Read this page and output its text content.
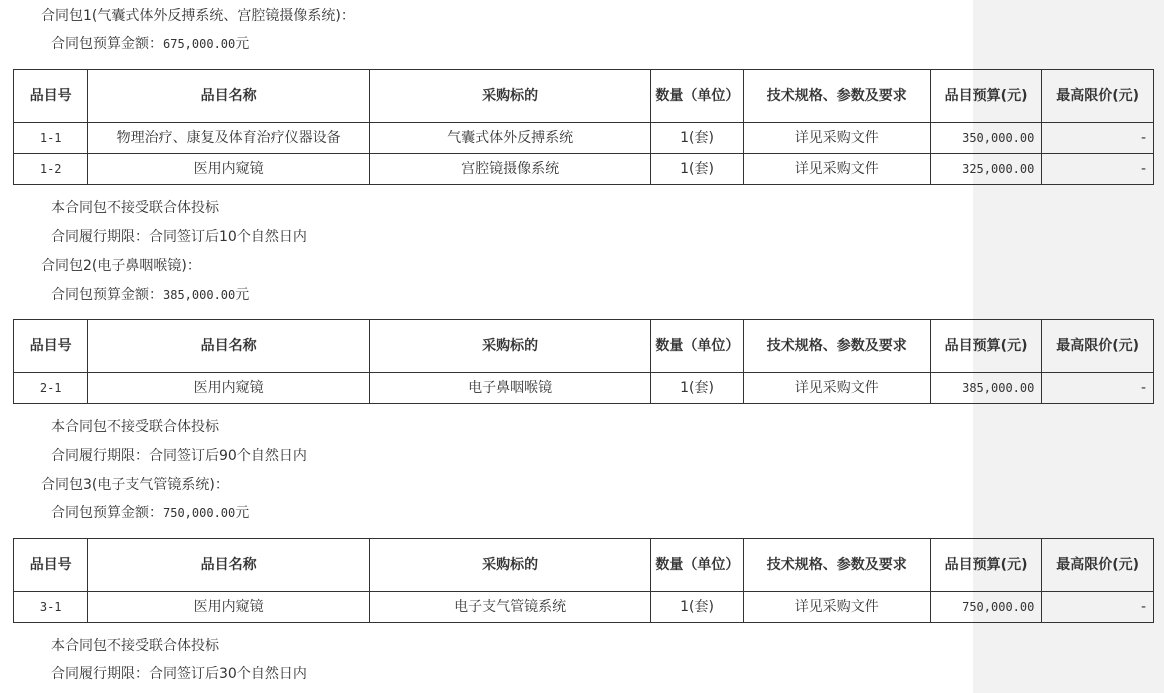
合同包1(气囊式体外反搏系统、宫腔镜摄像系统)：
合同包预算金额：675,000.00元
品目号	品目名称	采购标的	数量（单位）	技术规格、参数及要求	品目预算(元)	最高限价(元)
1-1	物理治疗、康复及体育治疗仪器设备	气囊式体外反搏系统	1(套)	详见采购文件	350,000.00	-
1-2	医用内窥镜	宫腔镜摄像系统	1(套)	详见采购文件	325,000.00	-
本合同包不接受联合体投标
合同履行期限：合同签订后10个自然日内
合同包2(电子鼻咽喉镜)：
合同包预算金额：385,000.00元
品目号	品目名称	采购标的	数量（单位）	技术规格、参数及要求	品目预算(元)	最高限价(元)
2-1	医用内窥镜	电子鼻咽喉镜	1(套)	详见采购文件	385,000.00	-
本合同包不接受联合体投标
合同履行期限：合同签订后90个自然日内
合同包3(电子支气管镜系统)：
合同包预算金额：750,000.00元
品目号	品目名称	采购标的	数量（单位）	技术规格、参数及要求	品目预算(元)	最高限价(元)
3-1	医用内窥镜	电子支气管镜系统	1(套)	详见采购文件	750,000.00	-
本合同包不接受联合体投标
合同履行期限：合同签订后30个自然日内
